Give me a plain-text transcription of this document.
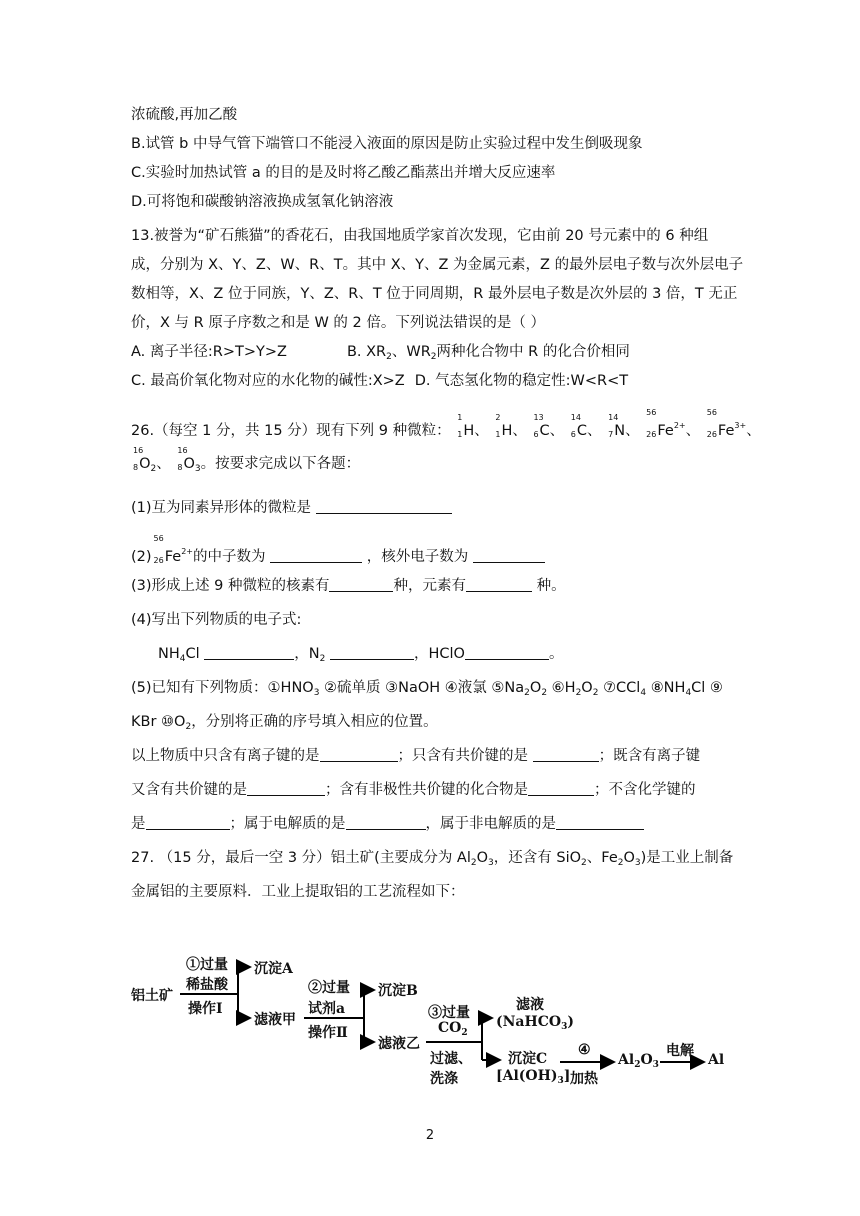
浓硫酸,再加乙酸
B.试管 b 中导气管下端管口不能浸入液面的原因是防止实验过程中发生倒吸现象
C.实验时加热试管 a 的目的是及时将乙酸乙酯蒸出并增大反应速率
D.可将饱和碳酸钠溶液换成氢氧化钠溶液
13.被誉为“矿石熊猫”的香花石，由我国地质学家首次发现，它由前 20 号元素中的 6 种组
成，分别为 X、Y、Z、W、R、T。其中 X、Y、Z 为金属元素，Z 的最外层电子数与次外层电子
数相等，X、Z 位于同族，Y、Z、R、T 位于同周期，R 最外层电子数是次外层的 3 倍，T 无正
价，X 与 R 原子序数之和是 W 的 2 倍。下列说法错误的是（ ）
A. 离子半径:R>T>Y>Z	B. $XR_2$、$WR_2$两种化合物中 R 的化合价相同
C. 最高价氧化物对应的水化物的碱性:X>Z D. 气态氢化物的稳定性:W<R<T
26.（每空 1 分，共 15 分）现有下列 9 种微粒：
1
1H、
2
1H、
13
6C、
14
6C、
14
7N、
56
$26Fe^{2+}$、
56
$26Fe^{3+}$、
16
$8O_2$、
16
$8O_3$。按要求完成以下各题：
(1)互为同素异形体的微粒是
(2)
56
$26Fe^{2+}$的中子数为	，核外电子数为
(3)形成上述 9 种微粒的核素有	种，元素有	种。
(4)写出下列物质的电子式:
$NH_4Cl$	，$N_2$	，HClO	。
(5)已知有下列物质：$①HNO_3$ ②硫单质 ③NaOH ④液氯 $⑤Na_2O_2$ $⑥H_2O_2$ ⑦CCl$_4$ $⑧NH_4Cl$ ⑨
KBr $⑩O_2$，分别将正确的序号填入相应的位置。
以上物质中只含有离子键的是	；只含有共价键的是	；既含有离子键
又含有共价键的是	；含有非极性共价键的化合物是	；不含化学键的
是	；属于电解质的是	，属于非电解质的是
27. （15 分，最后一空 3 分）铝土矿(主要成分为 $Al_2O_3$，还含有 SiO$_2$、$Fe_2O_3$)是工业上制备
金属铝的主要原料．工业上提取铝的工艺流程如下：
铝土矿
①过量
稀盐酸
操作Ⅰ
沉淀A
滤液甲
②过量
试剂a
操作Ⅱ
沉淀B
滤液乙
③过量
$CO_2$
过滤、
洗涤
滤液
(NaHCO$_3$)
沉淀C
$[Al(OH)_3]$
④
加热
$Al_2O_3$
电解
Al
2
